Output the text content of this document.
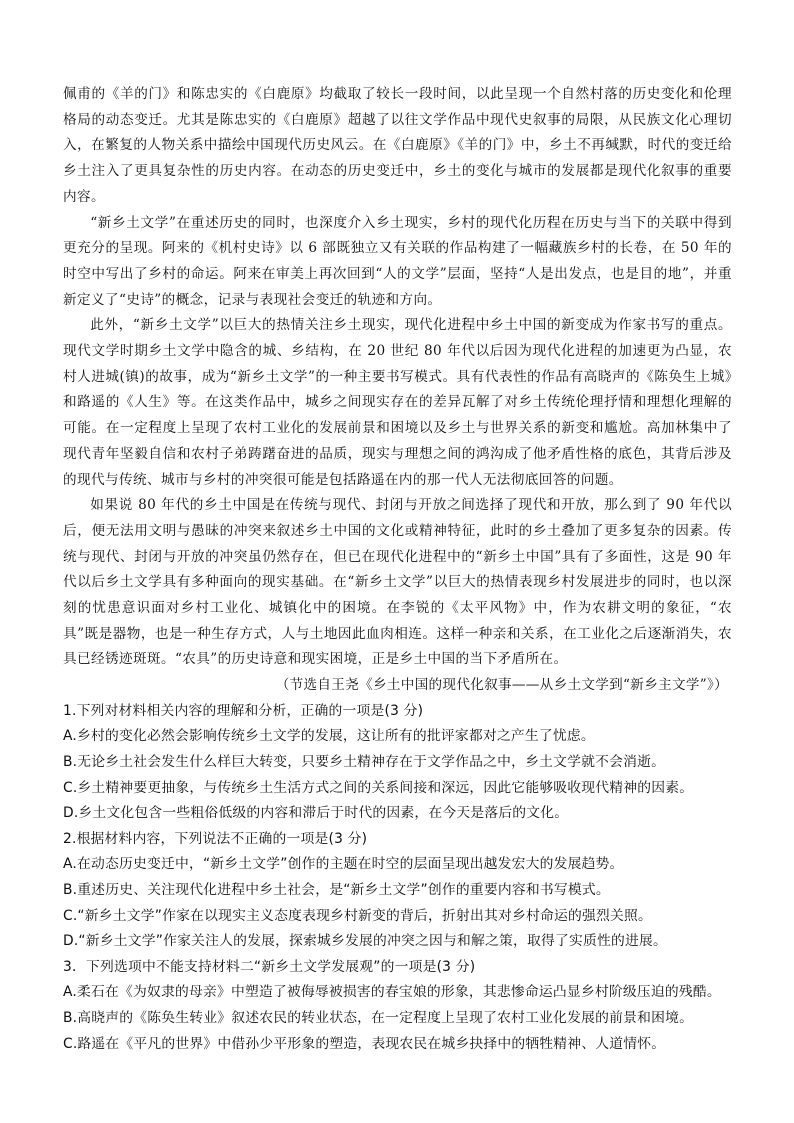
佩甫的《羊的门》和陈忠实的《白鹿原》均截取了较长一段时间，以此呈现一个自然村落的历史变化和伦理格局的动态变迁。尤其是陈忠实的《白鹿原》超越了以往文学作品中现代史叙事的局限，从民族文化心理切入，在繁复的人物关系中描绘中国现代历史风云。在《白鹿原》《羊的门》中，乡土不再缄默，时代的变迁给乡土注入了更具复杂性的历史内容。在动态的历史变迁中，乡土的变化与城市的发展都是现代化叙事的重要内容。

“新乡土文学”在重述历史的同时，也深度介入乡土现实，乡村的现代化历程在历史与当下的关联中得到更充分的呈现。阿来的《机村史诗》以 6 部既独立又有关联的作品构建了一幅藏族乡村的长卷，在 50 年的时空中写出了乡村的命运。阿来在审美上再次回到“人的文学”层面，坚持“人是出发点，也是目的地”，并重新定义了“史诗”的概念，记录与表现社会变迁的轨迹和方向。

此外，“新乡土文学”以巨大的热情关注乡土现实，现代化进程中乡土中国的新变成为作家书写的重点。现代文学时期乡土文学中隐含的城、乡结构，在 20 世纪 80 年代以后因为现代化进程的加速更为凸显，农村人进城(镇)的故事，成为“新乡土文学”的一种主要书写模式。具有代表性的作品有高晓声的《陈奂生上城》和路遥的《人生》等。在这类作品中，城乡之间现实存在的差异瓦解了对乡土传统伦理抒情和理想化理解的可能。在一定程度上呈现了农村工业化的发展前景和困境以及乡土与世界关系的新变和尴尬。高加林集中了现代青年坚毅自信和农村子弟踌躇奋进的品质，现实与理想之间的鸿沟成了他矛盾性格的底色，其背后涉及的现代与传统、城市与乡村的冲突很可能是包括路遥在内的那一代人无法彻底回答的问题。

如果说 80 年代的乡土中国是在传统与现代、封闭与开放之间选择了现代和开放，那么到了 90 年代以后，便无法用文明与愚昧的冲突来叙述乡土中国的文化或精神特征，此时的乡土叠加了更多复杂的因素。传统与现代、封闭与开放的冲突虽仍然存在，但已在现代化进程中的“新乡土中国”具有了多面性，这是 90 年代以后乡土文学具有多种面向的现实基础。在“新乡土文学”以巨大的热情表现乡村发展进步的同时，也以深刻的忧患意识面对乡村工业化、城镇化中的困境。在李锐的《太平风物》中，作为农耕文明的象征，“农具”既是器物，也是一种生存方式，人与土地因此血肉相连。这样一种亲和关系，在工业化之后逐渐消失，农具已经锈迹斑斑。“农具”的历史诗意和现实困境，正是乡土中国的当下矛盾所在。

（节选自王尧《乡土中国的现代化叙事——从乡土文学到“新乡主文学”》）

1.下列对材料相关内容的理解和分析，正确的一项是(3 分)

A.乡村的变化必然会影响传统乡土文学的发展，这让所有的批评家都对之产生了忧虑。

B.无论乡土社会发生什么样巨大转变，只要乡土精神存在于文学作品之中，乡土文学就不会消逝。

C.乡土精神要更抽象，与传统乡土生活方式之间的关系间接和深远，因此它能够吸收现代精神的因素。

D.乡土文化包含一些粗俗低级的内容和滞后于时代的因素，在今天是落后的文化。

2.根据材料内容，下列说法不正确的一项是(3 分)

A.在动态历史变迁中，“新乡土文学”创作的主题在时空的层面呈现出越发宏大的发展趋势。

B.重述历史、关注现代化进程中乡土社会，是“新乡土文学”创作的重要内容和书写模式。

C.“新乡土文学”作家在以现实主义态度表现乡村新变的背后，折射出其对乡村命运的强烈关照。

D.“新乡土文学”作家关注人的发展，探索城乡发展的冲突之因与和解之策，取得了实质性的进展。

3．下列选项中不能支持材料二“新乡土文学发展观”的一项是(3 分)

A.柔石在《为奴隶的母亲》中塑造了被侮辱被损害的春宝娘的形象，其悲惨命运凸显乡村阶级压迫的残酷。

B.高晓声的《陈奂生转业》叙述农民的转业状态，在一定程度上呈现了农村工业化发展的前景和困境。

C.路遥在《平凡的世界》中借孙少平形象的塑造，表现农民在城乡抉择中的牺牲精神、人道情怀。
